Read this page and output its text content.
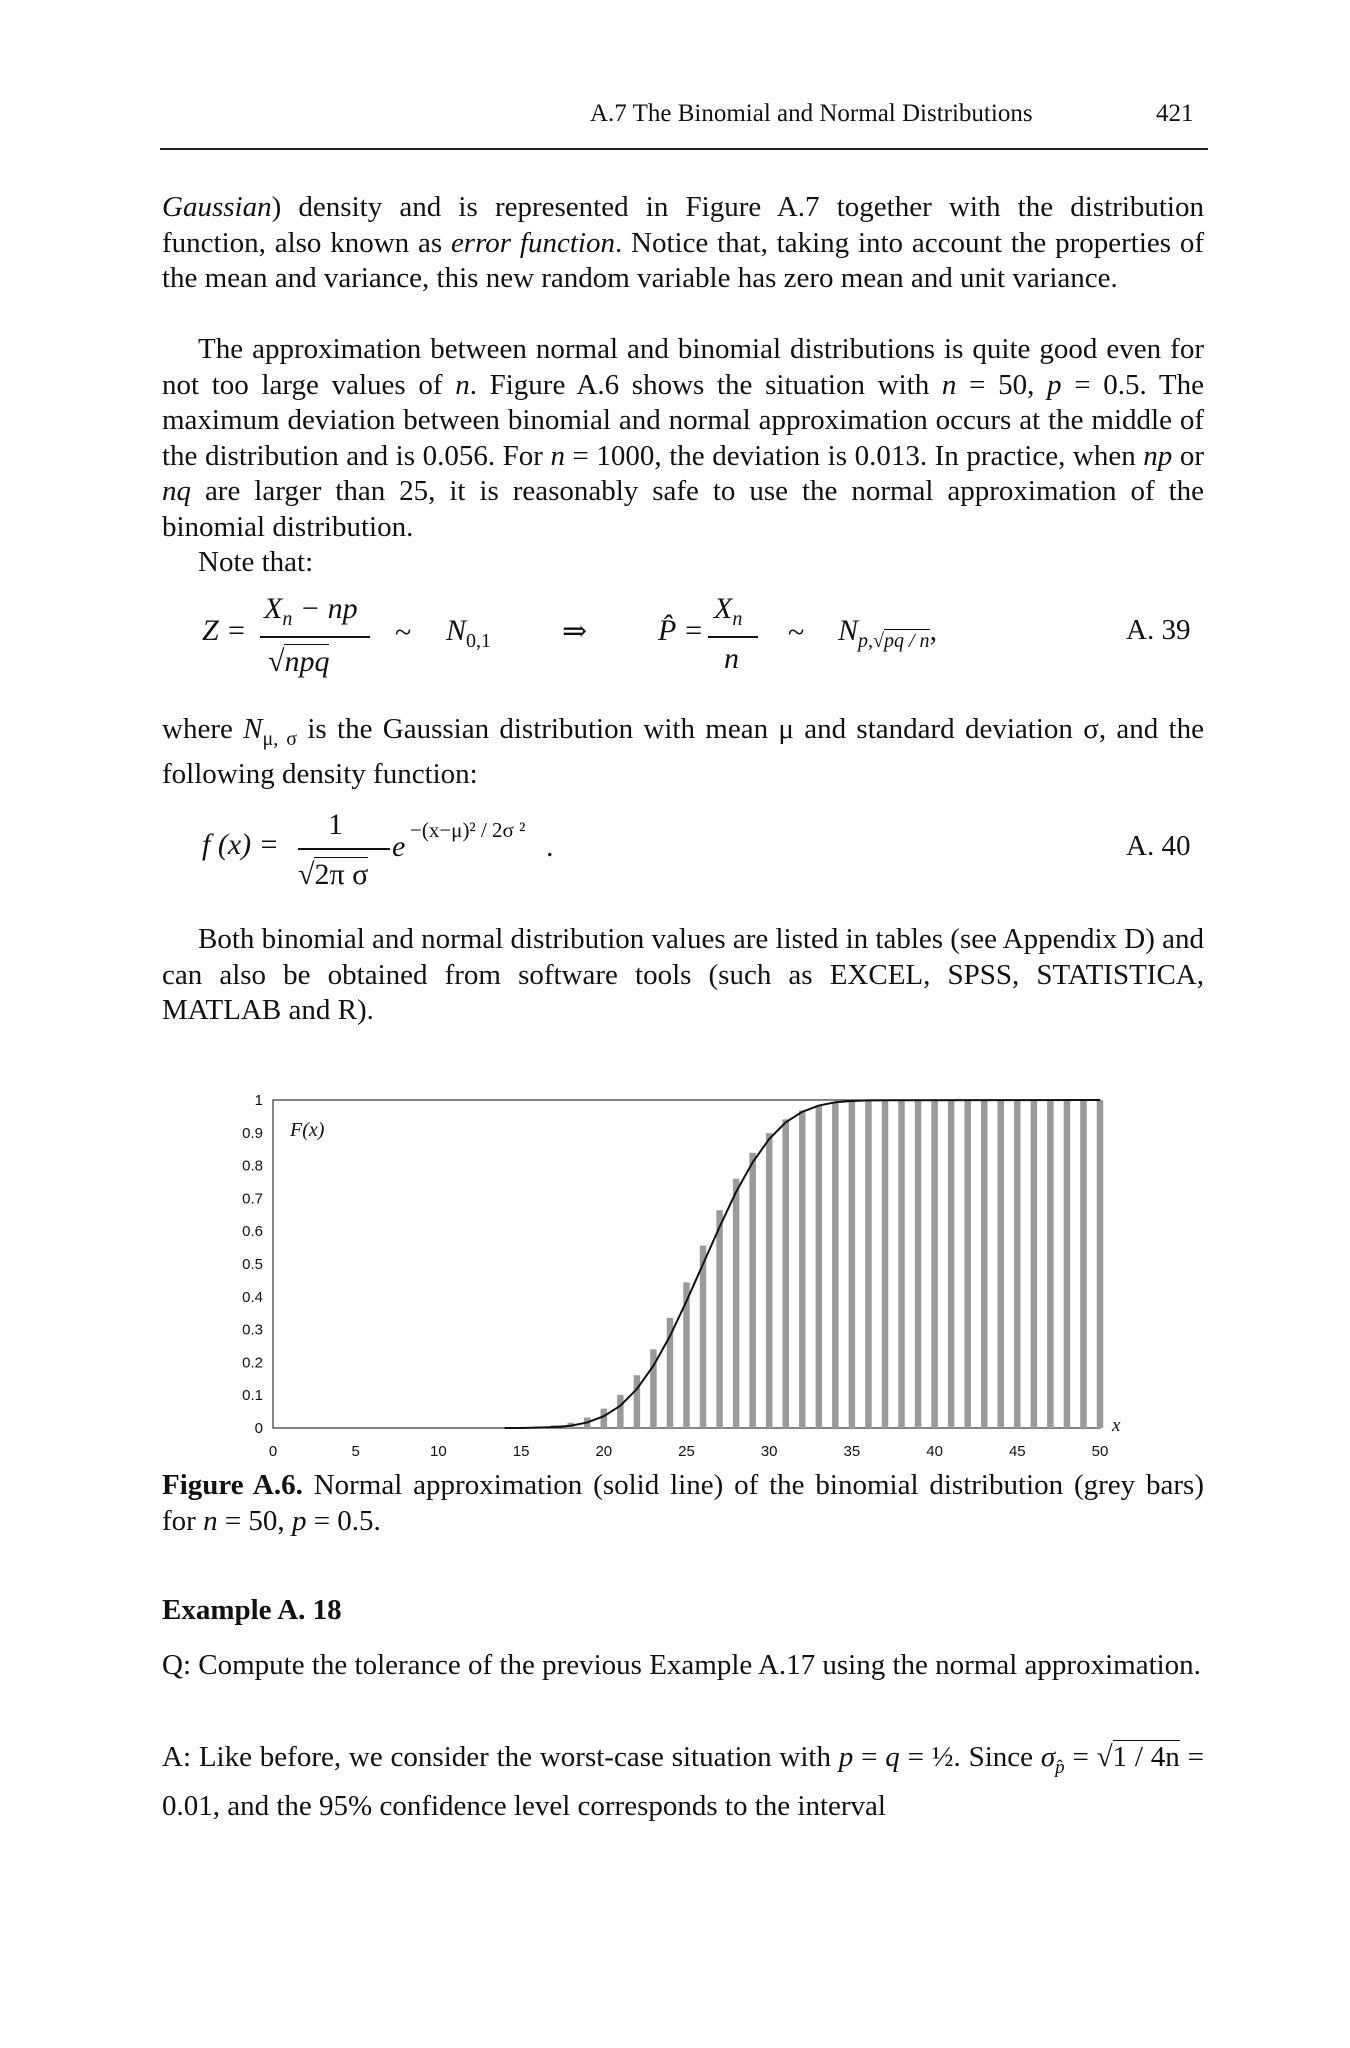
A.7 The Binomial and Normal Distributions	421

Gaussian) density and is represented in Figure A.7 together with the distribution function, also known as error function. Notice that, taking into account the properties of the mean and variance, this new random variable has zero mean and unit variance.

The approximation between normal and binomial distributions is quite good even for not too large values of n. Figure A.6 shows the situation with n = 50, p = 0.5. The maximum deviation between binomial and normal approximation occurs at the middle of the distribution and is 0.056. For n = 1000, the deviation is 0.013. In practice, when np or nq are larger than 25, it is reasonably safe to use the normal approximation of the binomial distribution.

Note that:

Z =
$X_n$ − np
√npq
~ $N_{0,1}$ ⇒ P̂ =
$X_n$
n
~ $N_{p,√pq / n}$,	A. 39

where $N_{\mu, \sigma}$ is the Gaussian distribution with mean μ and standard deviation σ, and the following density function:

f (x) =
1
√2π σ
e −(x−μ)² / 2σ ² .	A. 40

Both binomial and normal distribution values are listed in tables (see Appendix D) and can also be obtained from software tools (such as EXCEL, SPSS, STATISTICA, MATLAB and R).

0
0.1
0.2
0.3
0.4
0.5
0.6
0.7
0.8
0.9
1
0	5	10	15	20	25	30	35	40	45	50
x
F(x)
Figure A.6. Normal approximation (solid line) of the binomial distribution (grey bars) for n = 50, p = 0.5.
Example A. 18
Q: Compute the tolerance of the previous Example A.17 using the normal approximation.
A: Like before, we consider the worst-case situation with p = q = ½. Since $\sigma_{p̂} = √1 / 4n = 0.01$, and the 95% confidence level corresponds to the interval
